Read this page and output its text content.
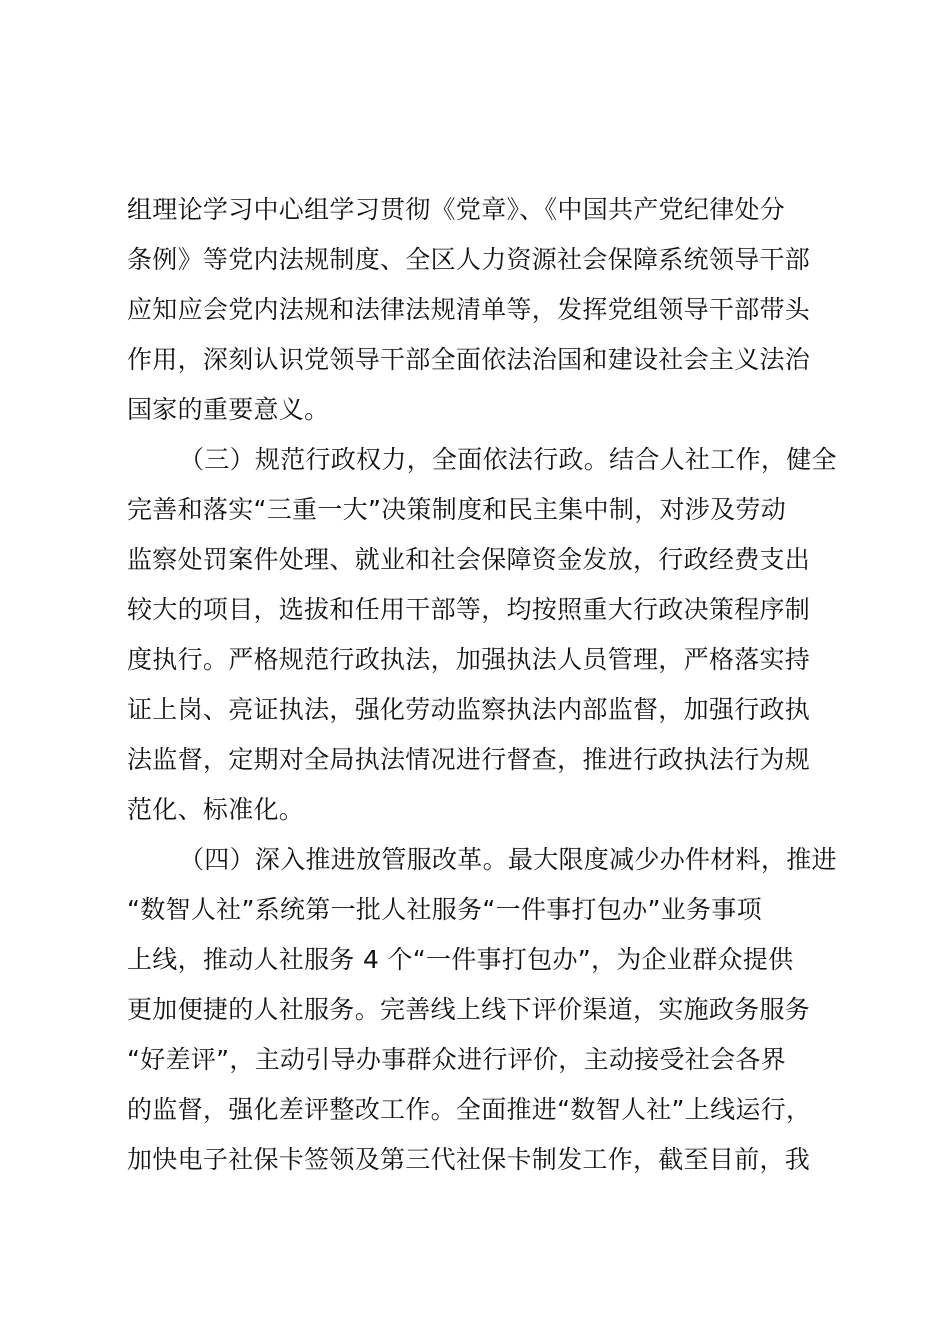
组理论学习中心组学习贯彻《党章》、《中国共产党纪律处分
条例》等党内法规制度、全区人力资源社会保障系统领导干部
应知应会党内法规和法律法规清单等，发挥党组领导干部带头
作用，深刻认识党领导干部全面依法治国和建设社会主义法治
国家的重要意义。
（三）规范行政权力，全面依法行政。结合人社工作，健全
完善和落实“三重一大”决策制度和民主集中制，对涉及劳动
监察处罚案件处理、就业和社会保障资金发放，行政经费支出
较大的项目，选拔和任用干部等，均按照重大行政决策程序制
度执行。严格规范行政执法，加强执法人员管理，严格落实持
证上岗、亮证执法，强化劳动监察执法内部监督，加强行政执
法监督，定期对全局执法情况进行督查，推进行政执法行为规
范化、标准化。
（四）深入推进放管服改革。最大限度减少办件材料，推进
“数智人社”系统第一批人社服务“一件事打包办”业务事项
上线，推动人社服务 4 个“一件事打包办”，为企业群众提供
更加便捷的人社服务。完善线上线下评价渠道，实施政务服务
“好差评”，主动引导办事群众进行评价，主动接受社会各界
的监督，强化差评整改工作。全面推进“数智人社”上线运行，
加快电子社保卡签领及第三代社保卡制发工作，截至目前，我
